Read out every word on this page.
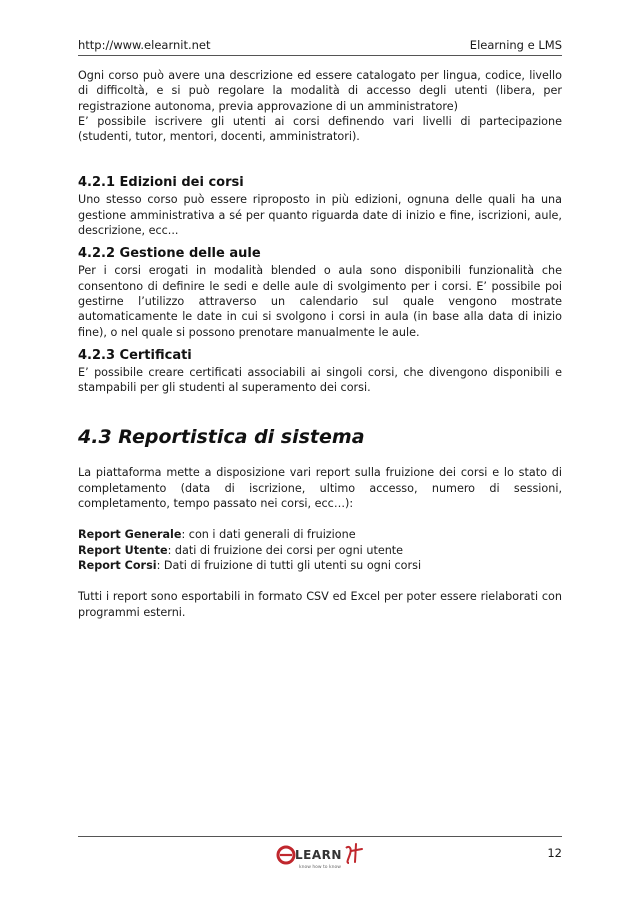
http://www.elearnit.net	Elearning e LMS

Ogni corso può avere una descrizione ed essere catalogato per lingua, codice, livello di difficoltà, e si può regolare la modalità di accesso degli utenti (libera, per registrazione autonoma, previa approvazione di un amministratore)

E’ possibile iscrivere gli utenti ai corsi definendo vari livelli di partecipazione (studenti, tutor, mentori, docenti, amministratori).

4.2.1 Edizioni dei corsi

Uno stesso corso può essere riproposto in più edizioni, ognuna delle quali ha una gestione amministrativa a sé per quanto riguarda date di inizio e fine, iscrizioni, aule, descrizione, ecc...

4.2.2 Gestione delle aule

Per i corsi erogati in modalità blended o aula sono disponibili funzionalità che consentono di definire le sedi e delle aule di svolgimento per i corsi. E’ possibile poi gestirne l’utilizzo attraverso un calendario sul quale vengono mostrate automaticamente le date in cui si svolgono i corsi in aula (in base alla data di inizio fine), o nel quale si possono prenotare manualmente le aule.

4.2.3 Certificati

E’ possibile creare certificati associabili ai singoli corsi, che divengono disponibili e stampabili per gli studenti al superamento dei corsi.

4.3 Reportistica di sistema

La piattaforma mette a disposizione vari report sulla fruizione dei corsi e lo stato di completamento (data di iscrizione, ultimo accesso, numero di sessioni, completamento, tempo passato nei corsi, ecc…):

Report Generale: con i dati generali di fruizione

Report Utente: dati di fruizione dei corsi per ogni utente

Report Corsi: Dati di fruizione di tutti gli utenti su ogni corsi

Tutti i report sono esportabili in formato CSV ed Excel per poter essere rielaborati con programmi esterni.

LEARN
know how to know
12
